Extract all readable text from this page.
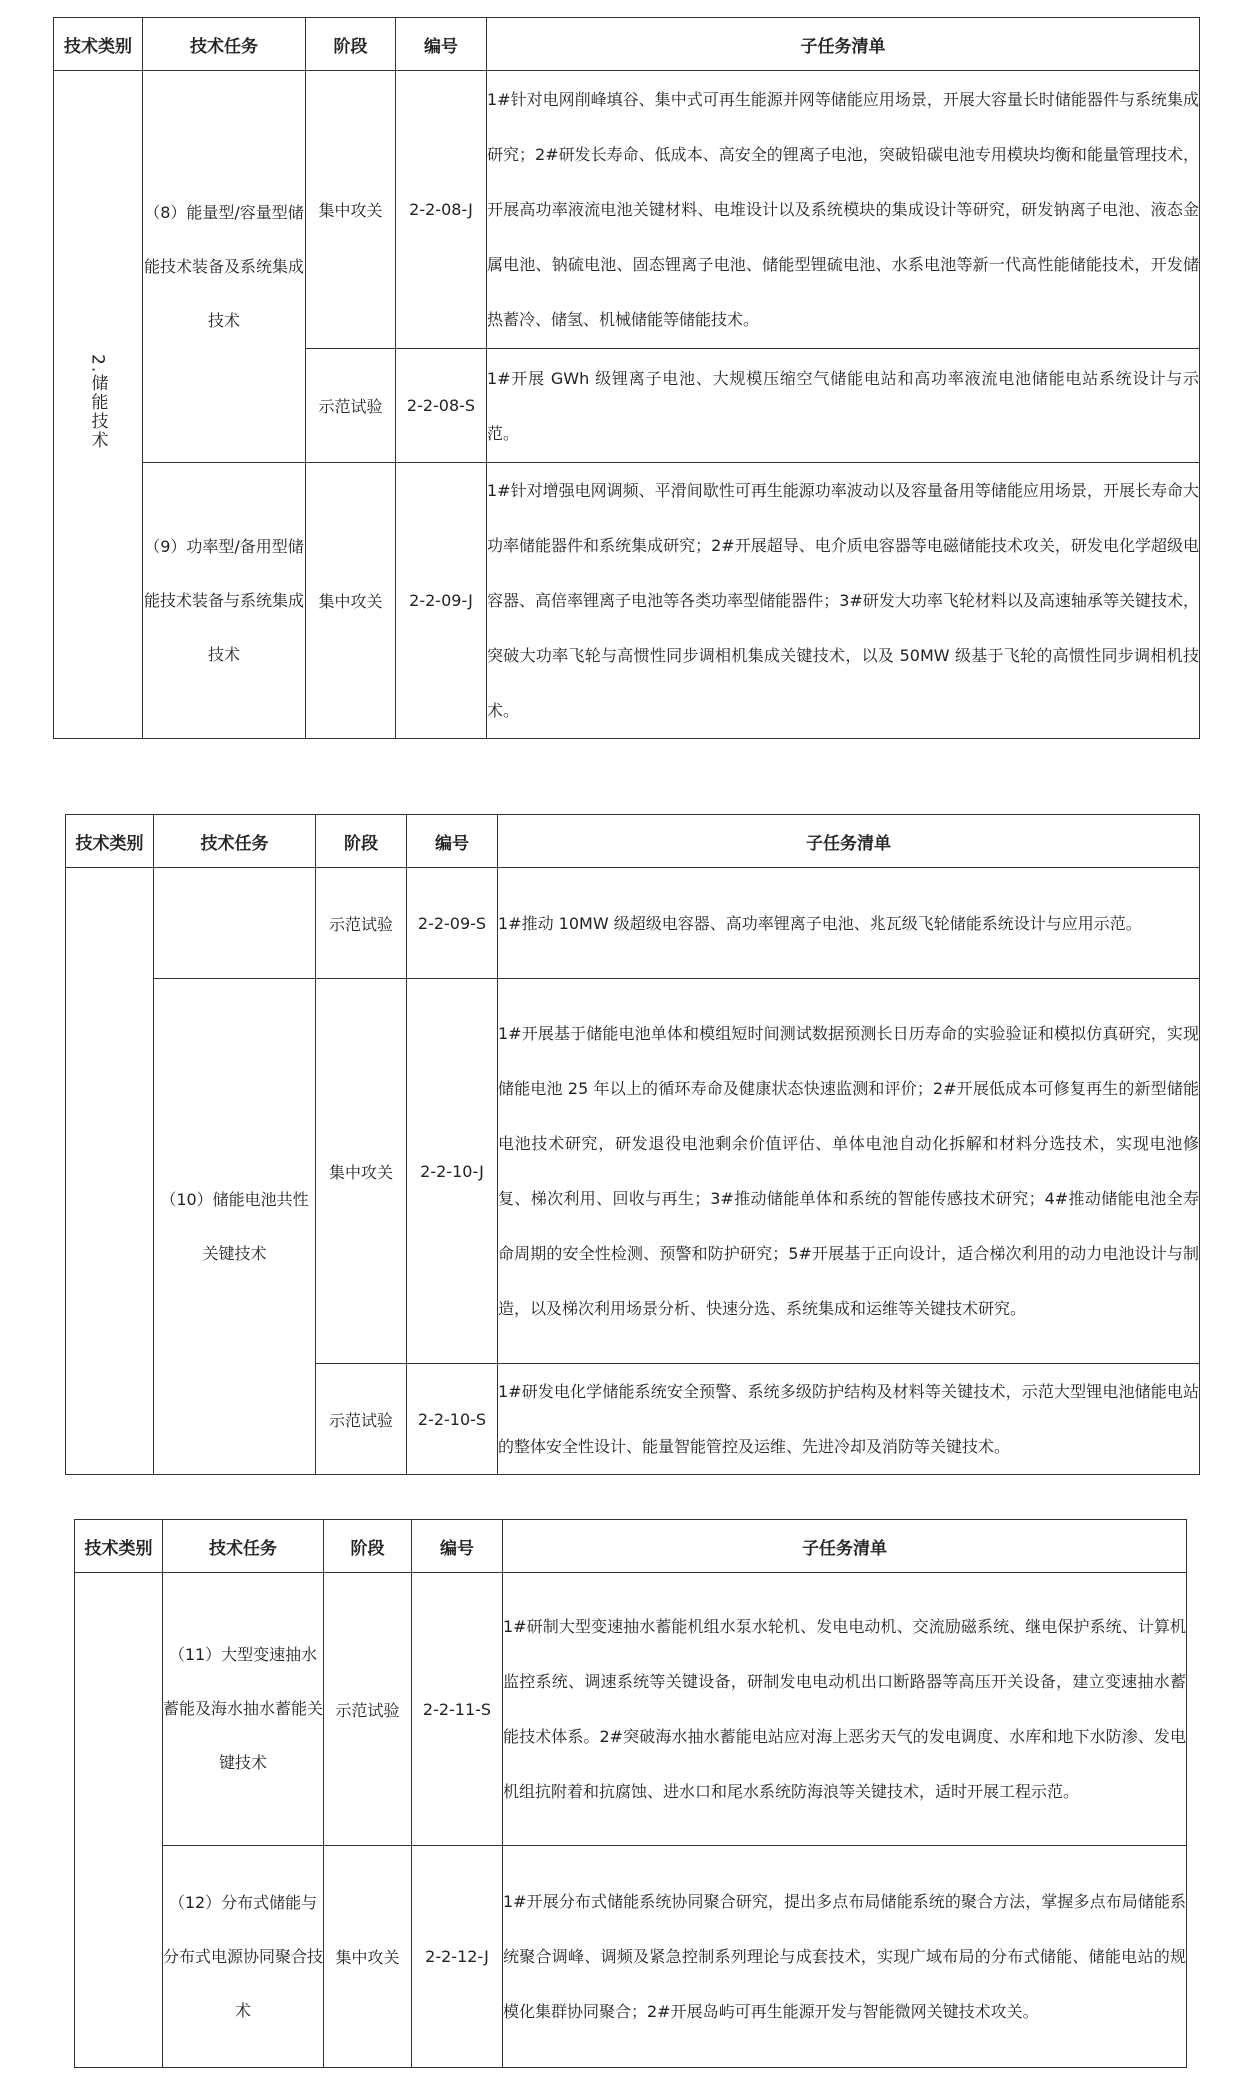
技术类别	技术任务	阶段	编号	子任务清单
2.储能技术	（8）能量型/容量型储能技术装备及系统集成技术	集中攻关	2-2-08-J	1#针对电网削峰填谷、集中式可再生能源并网等储能应用场景，开展大容量长时储能器件与系统集成研究；2#研发长寿命、低成本、高安全的锂离子电池，突破铅碳电池专用模块均衡和能量管理技术，开展高功率液流电池关键材料、电堆设计以及系统模块的集成设计等研究，研发钠离子电池、液态金属电池、钠硫电池、固态锂离子电池、储能型锂硫电池、水系电池等新一代高性能储能技术，开发储热蓄冷、储氢、机械储能等储能技术。
		示范试验	2-2-08-S	1#开展 GWh 级锂离子电池、大规模压缩空气储能电站和高功率液流电池储能电站系统设计与示范。
	（9）功率型/备用型储能技术装备与系统集成技术	集中攻关	2-2-09-J	1#针对增强电网调频、平滑间歇性可再生能源功率波动以及容量备用等储能应用场景，开展长寿命大功率储能器件和系统集成研究；2#开展超导、电介质电容器等电磁储能技术攻关，研发电化学超级电容器、高倍率锂离子电池等各类功率型储能器件；3#研发大功率飞轮材料以及高速轴承等关键技术，突破大功率飞轮与高惯性同步调相机集成关键技术，以及 50MW 级基于飞轮的高惯性同步调相机技术。
技术类别	技术任务	阶段	编号	子任务清单
		示范试验	2-2-09-S	1#推动 10MW 级超级电容器、高功率锂离子电池、兆瓦级飞轮储能系统设计与应用示范。
	（10）储能电池共性关键技术	集中攻关	2-2-10-J	1#开展基于储能电池单体和模组短时间测试数据预测长日历寿命的实验验证和模拟仿真研究，实现储能电池 25 年以上的循环寿命及健康状态快速监测和评价；2#开展低成本可修复再生的新型储能电池技术研究，研发退役电池剩余价值评估、单体电池自动化拆解和材料分选技术，实现电池修复、梯次利用、回收与再生；3#推动储能单体和系统的智能传感技术研究；4#推动储能电池全寿命周期的安全性检测、预警和防护研究；5#开展基于正向设计，适合梯次利用的动力电池设计与制造，以及梯次利用场景分析、快速分选、系统集成和运维等关键技术研究。
		示范试验	2-2-10-S	1#研发电化学储能系统安全预警、系统多级防护结构及材料等关键技术，示范大型锂电池储能电站的整体安全性设计、能量智能管控及运维、先进冷却及消防等关键技术。
技术类别	技术任务	阶段	编号	子任务清单
	（11）大型变速抽水蓄能及海水抽水蓄能关键技术	示范试验	2-2-11-S	1#研制大型变速抽水蓄能机组水泵水轮机、发电电动机、交流励磁系统、继电保护系统、计算机监控系统、调速系统等关键设备，研制发电电动机出口断路器等高压开关设备，建立变速抽水蓄能技术体系。2#突破海水抽水蓄能电站应对海上恶劣天气的发电调度、水库和地下水防渗、发电机组抗附着和抗腐蚀、进水口和尾水系统防海浪等关键技术，适时开展工程示范。
	（12）分布式储能与分布式电源协同聚合技术	集中攻关	2-2-12-J	1#开展分布式储能系统协同聚合研究，提出多点布局储能系统的聚合方法，掌握多点布局储能系统聚合调峰、调频及紧急控制系列理论与成套技术，实现广域布局的分布式储能、储能电站的规模化集群协同聚合；2#开展岛屿可再生能源开发与智能微网关键技术攻关。
